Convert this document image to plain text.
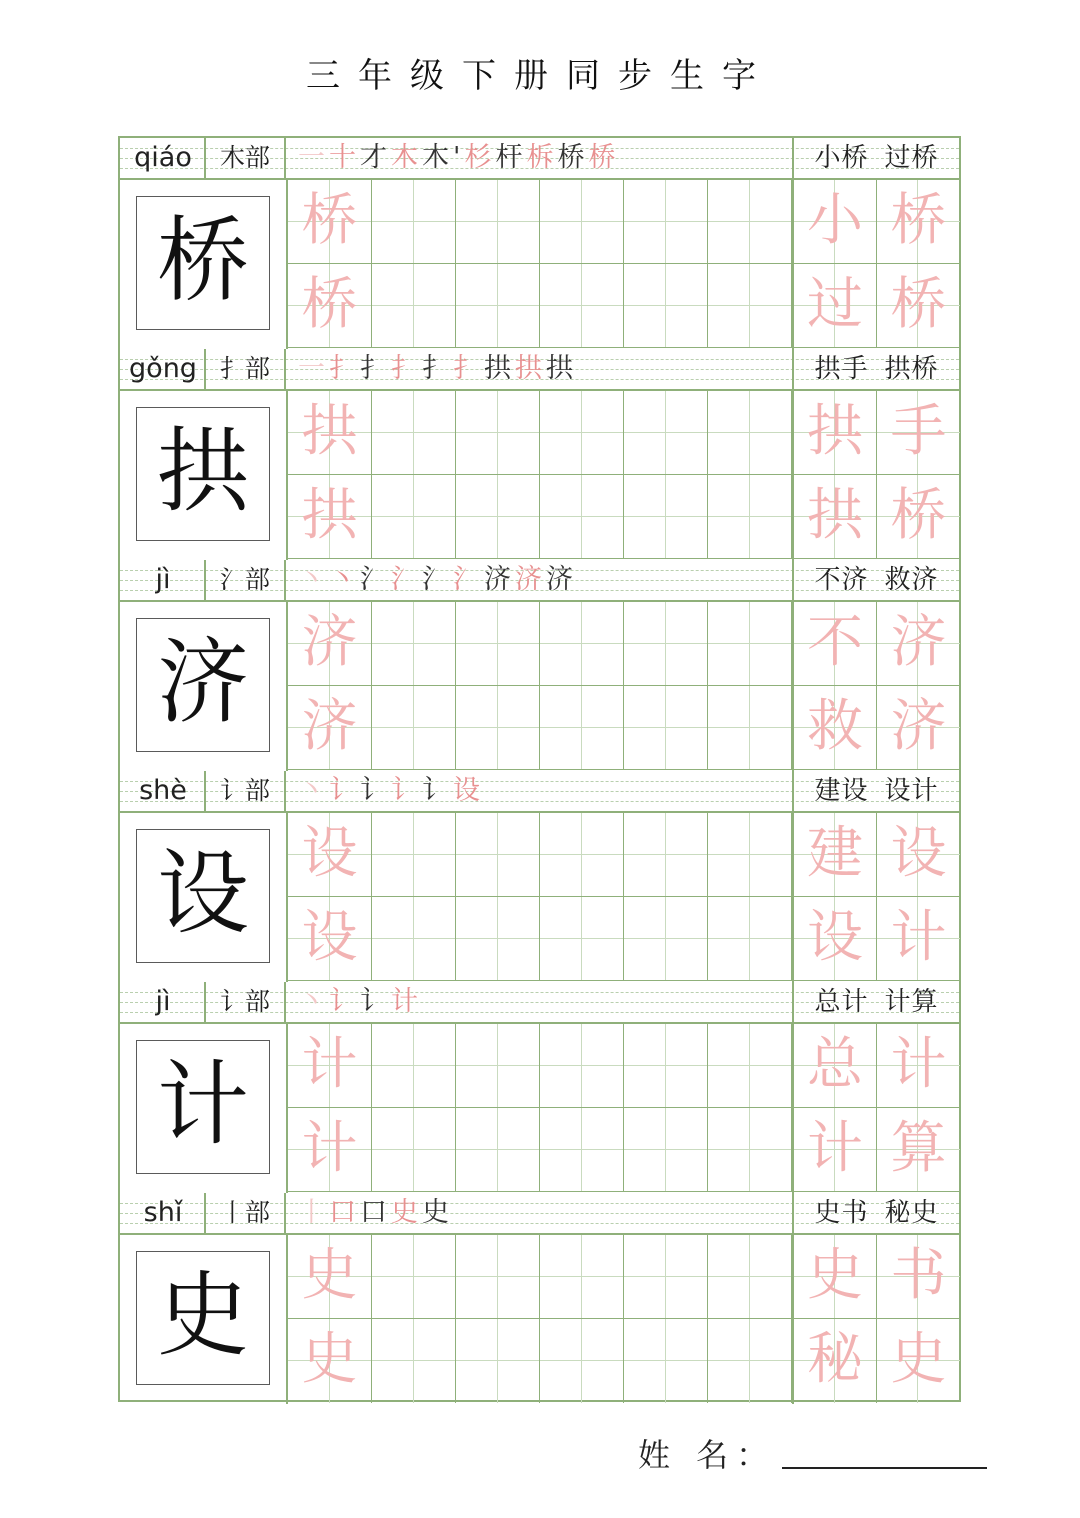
三年级下册同步生字
qiáo	木部	一十才木木'杉杆柝桥桥	小桥 过桥
桥 桥
桥
小 桥
过 桥
gǒng 扌部	一扌扌扌扌扌拱拱拱	拱手 拱桥
拱 拱
拱
拱 手
拱 桥
jì	氵部	丶丶氵氵氵氵济济济	不济 救济
济 济
济
不 济
救 济
shè	讠部	丶讠讠讠讠设	建设 设计
设 设
设
建 设
设 计
jì	讠部	丶讠讠计	总计 计算
计 计
计
总 计
计 算
shǐ	丨部	丨口口史史	史书 秘史
史 史
史
史 书
秘 史
姓 名：
